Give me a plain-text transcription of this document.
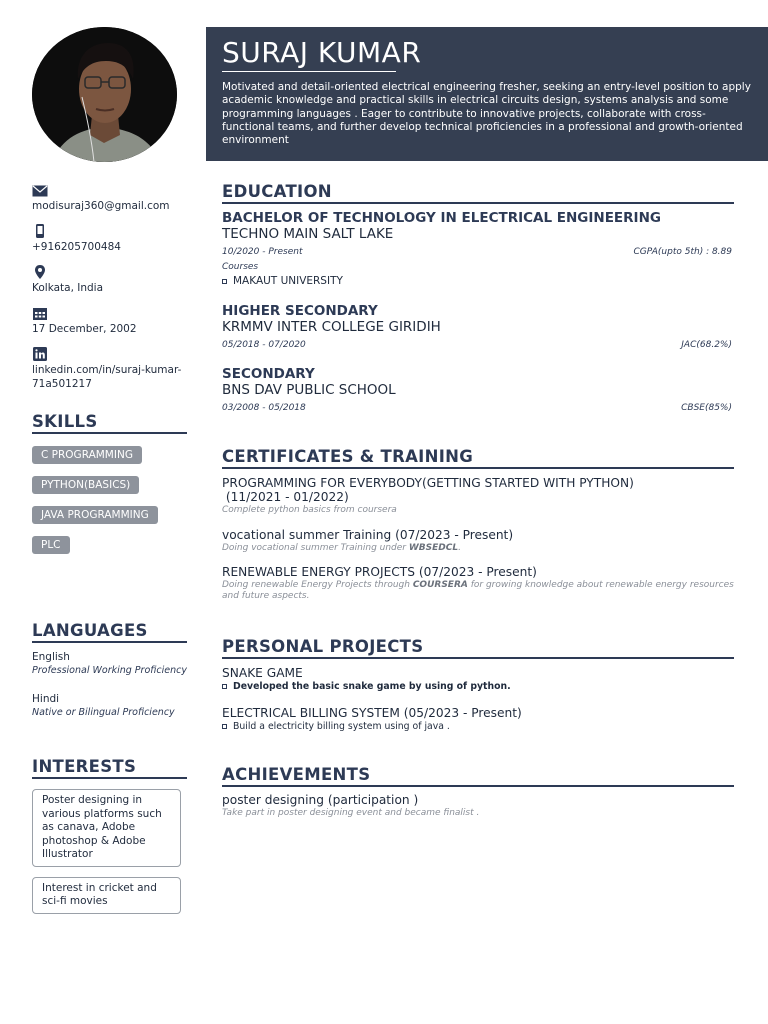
modisuraj360@gmail.com
+916205700484
Kolkata, India
17 December, 2002
linkedin.com/in/suraj-kumar-71a501217
SKILLS
C PROGRAMMING
PYTHON(BASICS)
JAVA PROGRAMMING
PLC
LANGUAGES
English
Professional Working Proficiency
Hindi
Native or Bilingual Proficiency
INTERESTS
Poster designing in various platforms such as canava, Adobe photoshop & Adobe Illustrator
Interest in cricket and sci-fi movies
SURAJ KUMAR
Motivated and detail-oriented electrical engineering fresher, seeking an entry-level position to apply academic knowledge and practical skills in electrical circuits design, systems analysis and some programming languages . Eager to contribute to innovative projects, collaborate with cross-functional teams, and further develop technical proficiencies in a professional and growth-oriented environment
EDUCATION
BACHELOR OF TECHNOLOGY IN ELECTRICAL ENGINEERING
TECHNO MAIN SALT LAKE
10/2020 - Present	CGPA(upto 5th) : 8.89
Courses
MAKAUT UNIVERSITY
HIGHER SECONDARY
KRMMV INTER COLLEGE GIRIDIH
05/2018 - 07/2020	JAC(68.2%)
SECONDARY
BNS DAV PUBLIC SCHOOL
03/2008 - 05/2018	CBSE(85%)
CERTIFICATES & TRAINING
PROGRAMMING FOR EVERYBODY(GETTING STARTED WITH PYTHON)
(11/2021 - 01/2022)
Complete python basics from coursera
vocational summer Training (07/2023 - Present)
Doing vocational summer Training under WBSEDCL.
RENEWABLE ENERGY PROJECTS (07/2023 - Present)
Doing renewable Energy Projects through COURSERA for growing knowledge about renewable energy resources and future aspects.
PERSONAL PROJECTS
SNAKE GAME
Developed the basic snake game by using of python.
ELECTRICAL BILLING SYSTEM (05/2023 - Present)
Build a electricity billing system using of java .
ACHIEVEMENTS
poster designing (participation )
Take part in poster designing event and became finalist .
